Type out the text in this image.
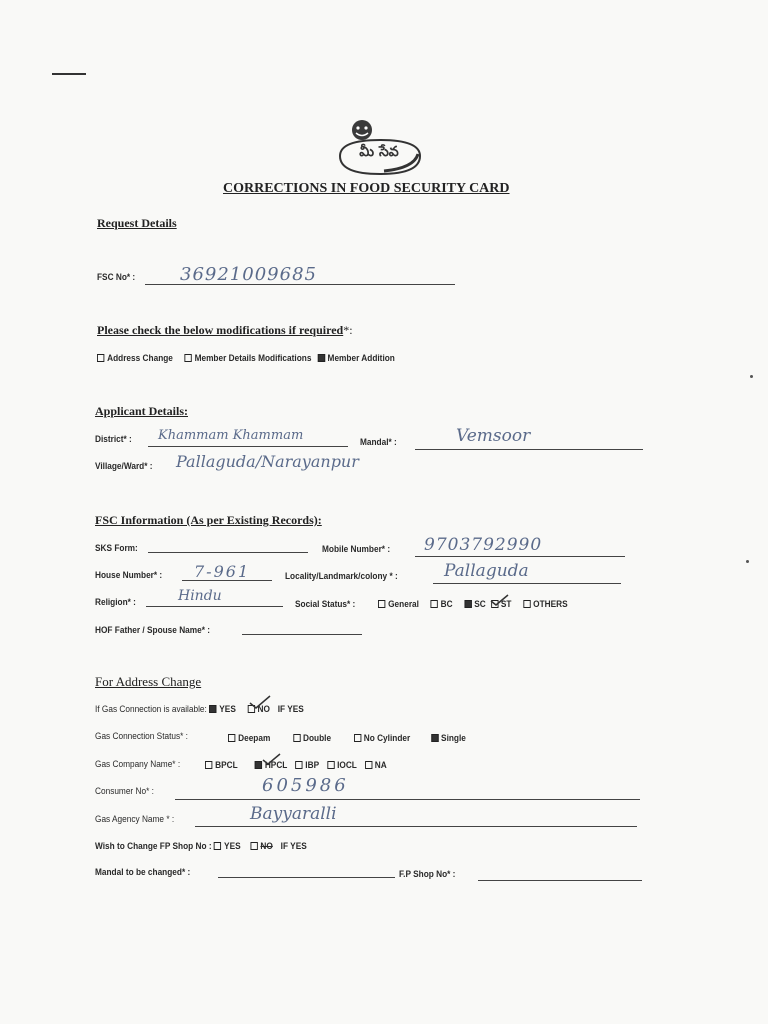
మీ సేవ
CORRECTIONS IN FOOD SECURITY CARD
Request Details
FSC No* : 36921009685
Please check the below modifications if required*:
Address Change Member Details Modifications Member Addition
Applicant Details:
District* : Khammam Khammam	Mandal* :	Vemsoor
Village/Ward* : Pallaguda/Narayanpur
FSC Information (As per Existing Records):
SKS Form:	Mobile Number* : 9703792990
House Number* : 7-961	Locality/Landmark/colony * :	Pallaguda
Religion* :	Hindu	Social Status* :	General BC SC ST OTHERS
HOF Father / Spouse Name* :
For Address Change
If Gas Connection is available: YES NO IF YES
Gas Connection Status* :	Deepam	Double	No Cylinder	Single
Gas Company Name* :	BPCL	HPCL IBP IOCL NA
Consumer No* :	605986
Gas Agency Name * :	Bayyaralli
Wish to Change FP Shop No : YES NO IF YES
Mandal to be changed* :	F.P Shop No* :
